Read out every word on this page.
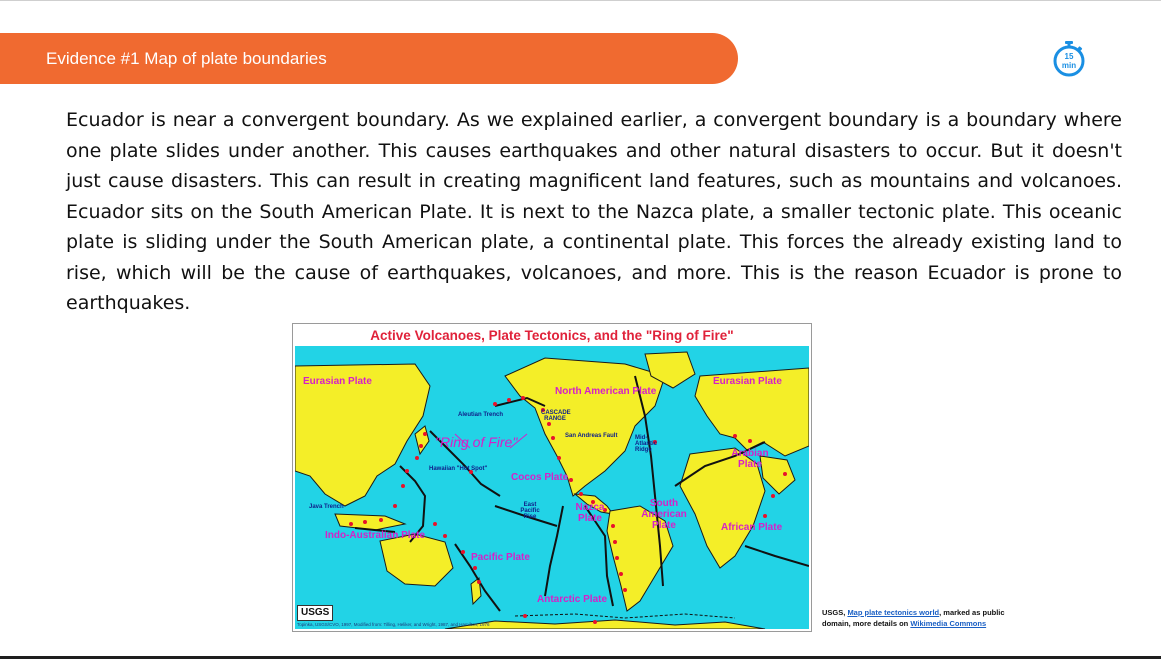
Evidence #1 Map of plate boundaries	15
min

Ecuador is near a convergent boundary. As we explained earlier, a convergent boundary is a boundary where one plate slides under another. This causes earthquakes and other natural disasters to occur. But it doesn't just cause disasters. This can result in creating magnificent land features, such as mountains and volcanoes. Ecuador sits on the South American Plate. It is next to the Nazca plate, a smaller tectonic plate. This oceanic plate is sliding under the South American plate, a continental plate. This forces the already existing land to rise, which will be the cause of earthquakes, volcanoes, and more. This is the reason Ecuador is prone to earthquakes.

Active Volcanoes, Plate Tectonics, and the "Ring of Fire"
Eurasian Plate
North American Plate
Eurasian Plate
Aleutian Trench	CASCADE RANGE
San Andreas Fault	Mid-Atlantic Ridge
"Ring of Fire"
Hawaiian "Hot Spot"
Cocos Plate
Arabian Plate
Java Trench	East Pacific Rise
Nazca Plate
South American Plate	African Plate
Indo-Australian Plate
Pacific Plate
Antarctic Plate
USGS
Topinka, USGS/CVO, 1997, Modified from: Tilling, Heliker, and Wright, 1987, and Hamilton, 1976
USGS, Map plate tectonics world, marked as public domain, more details on Wikimedia Commons
